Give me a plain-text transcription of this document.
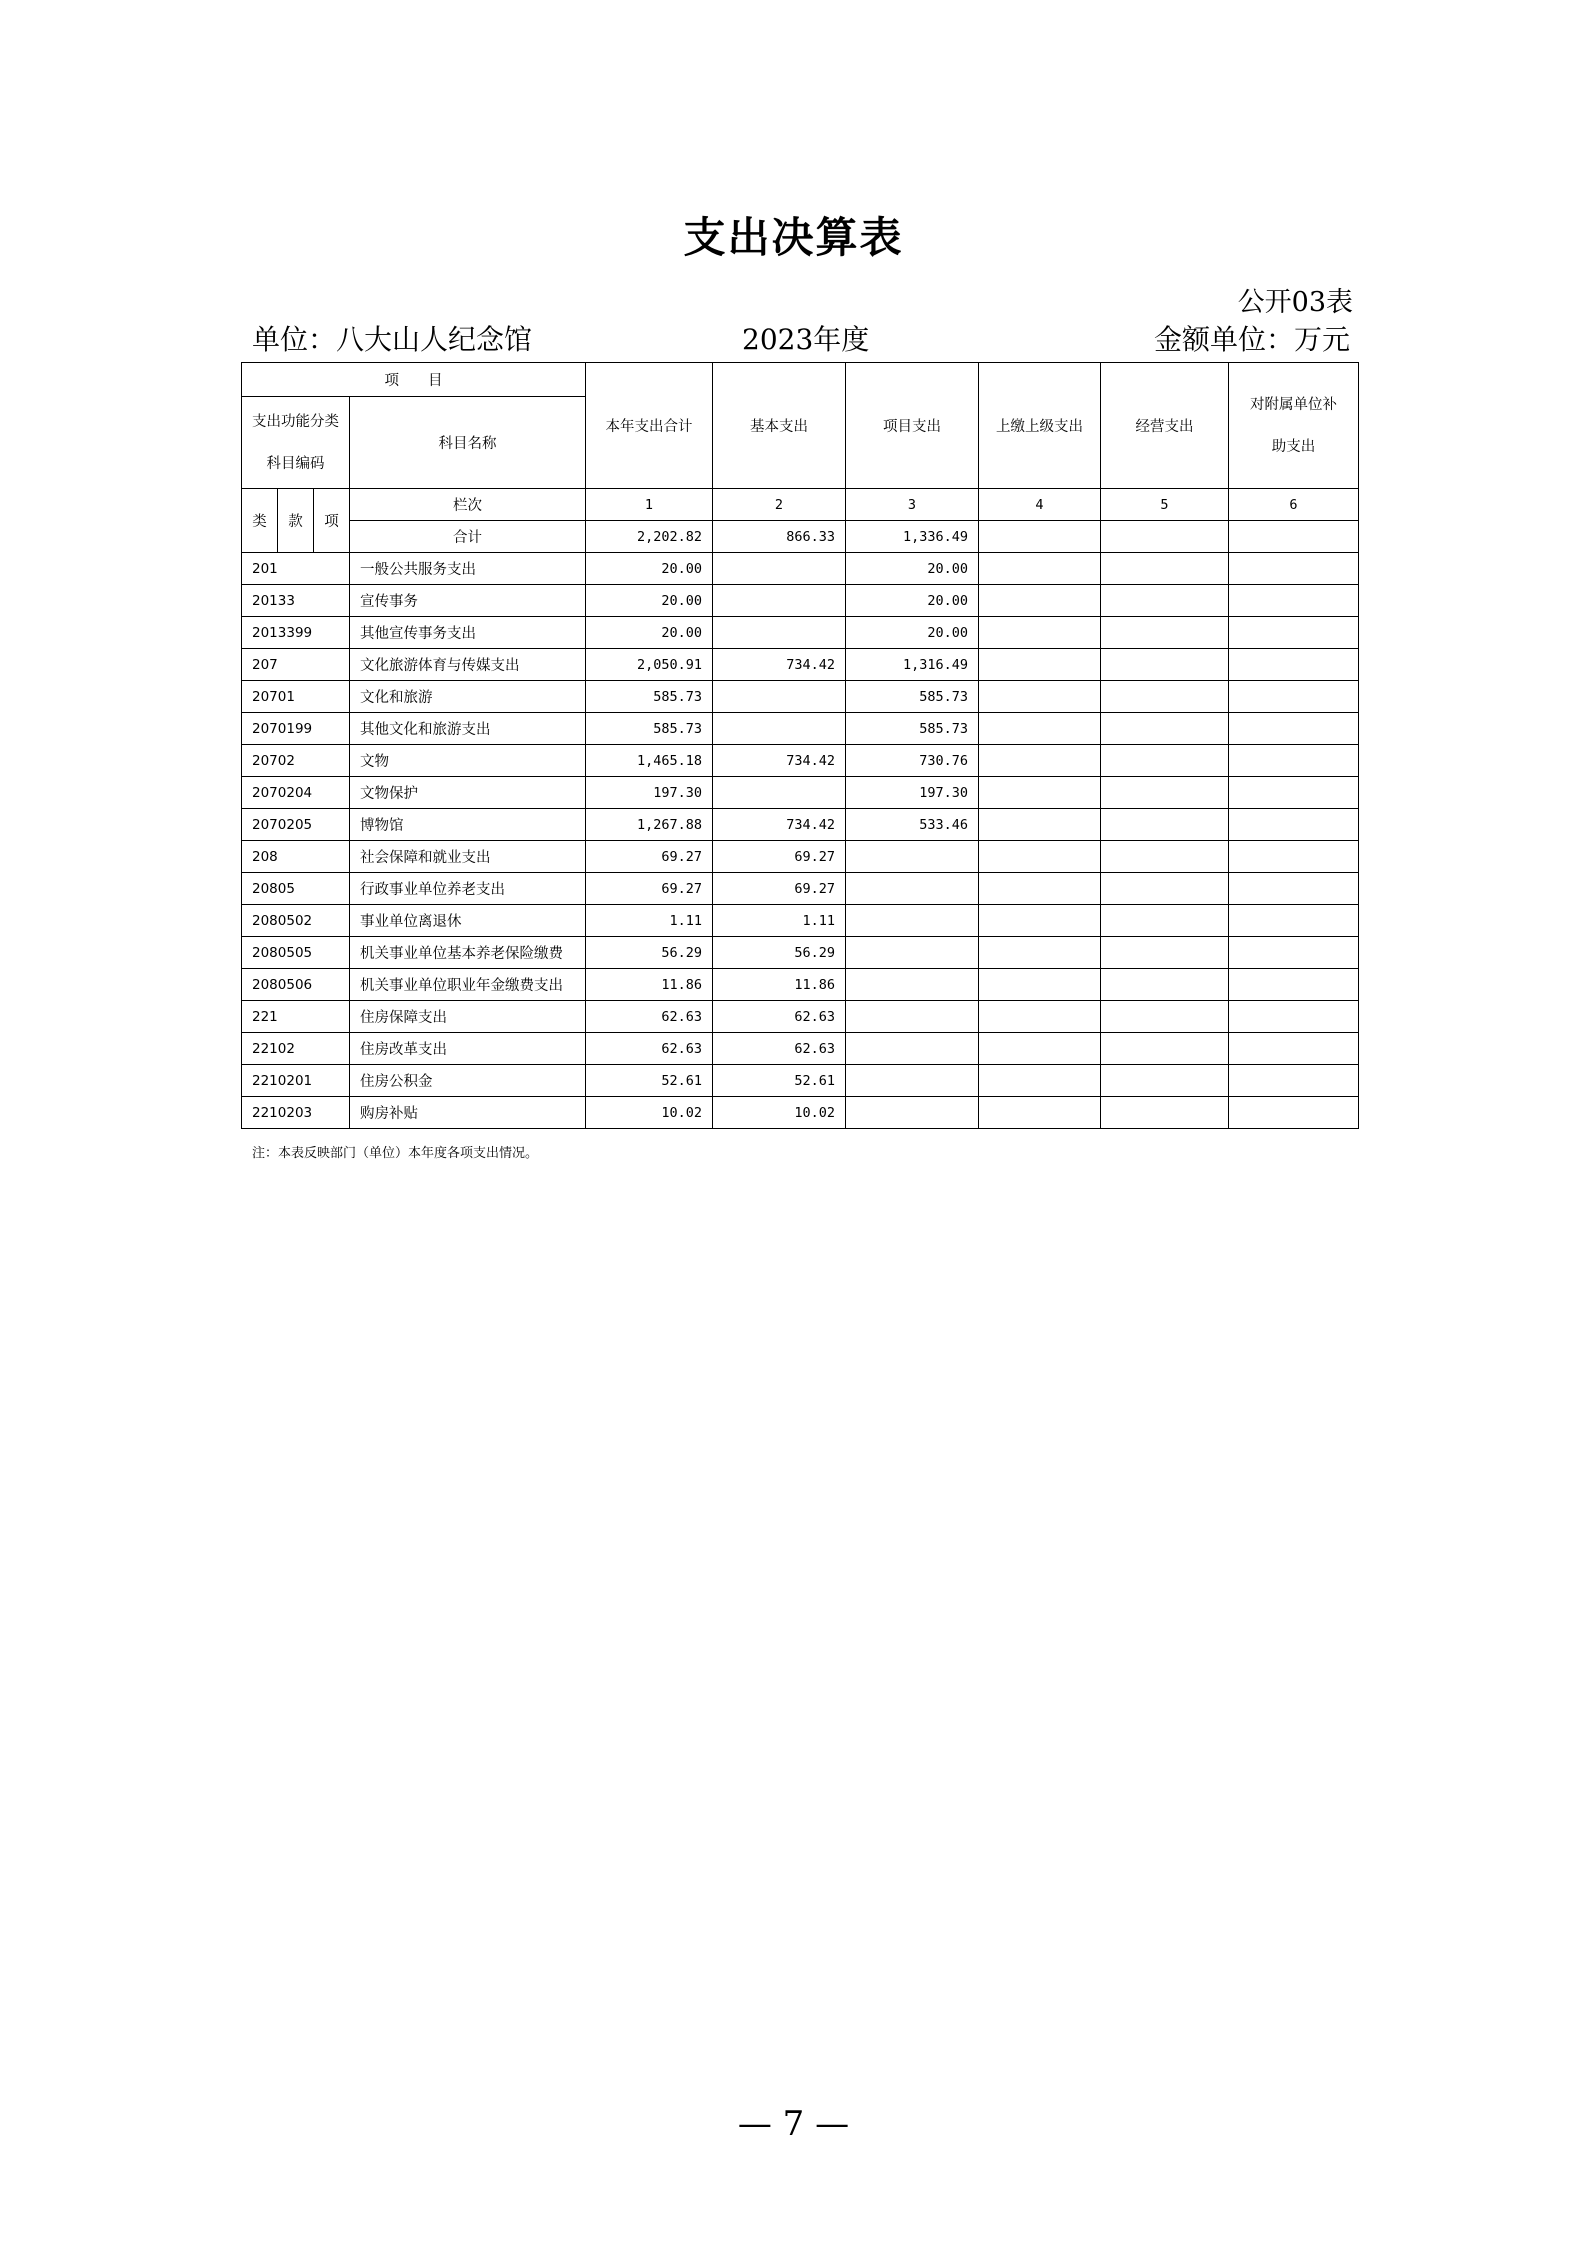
支出决算表
公开03表
单位：八大山人纪念馆	2023年度	金额单位：万元
项　　目				本年支出合计	基本支出	项目支出	上缴上级支出	经营支出	对附属单位补
助支出
支出功能分类
科目编码			科目名称						
类	款	项	栏次	1	2	3	4	5	6
			合计	2,202.82	866.33	1,336.49			
201			一般公共服务支出	20.00		20.00			
20133			宣传事务	20.00		20.00			
2013399			其他宣传事务支出	20.00		20.00			
207			文化旅游体育与传媒支出	2,050.91	734.42	1,316.49			
20701			文化和旅游	585.73		585.73			
2070199			其他文化和旅游支出	585.73		585.73			
20702			文物	1,465.18	734.42	730.76			
2070204			文物保护	197.30		197.30			
2070205			博物馆	1,267.88	734.42	533.46			
208			社会保障和就业支出	69.27	69.27				
20805			行政事业单位养老支出	69.27	69.27				
2080502			事业单位离退休	1.11	1.11				
2080505			机关事业单位基本养老保险缴费	56.29	56.29				
2080506			机关事业单位职业年金缴费支出	11.86	11.86				
221			住房保障支出	62.63	62.63				
22102			住房改革支出	62.63	62.63				
2210201			住房公积金	52.61	52.61				
2210203			购房补贴	10.02	10.02				
注：本表反映部门（单位）本年度各项支出情况。
— 7 —
